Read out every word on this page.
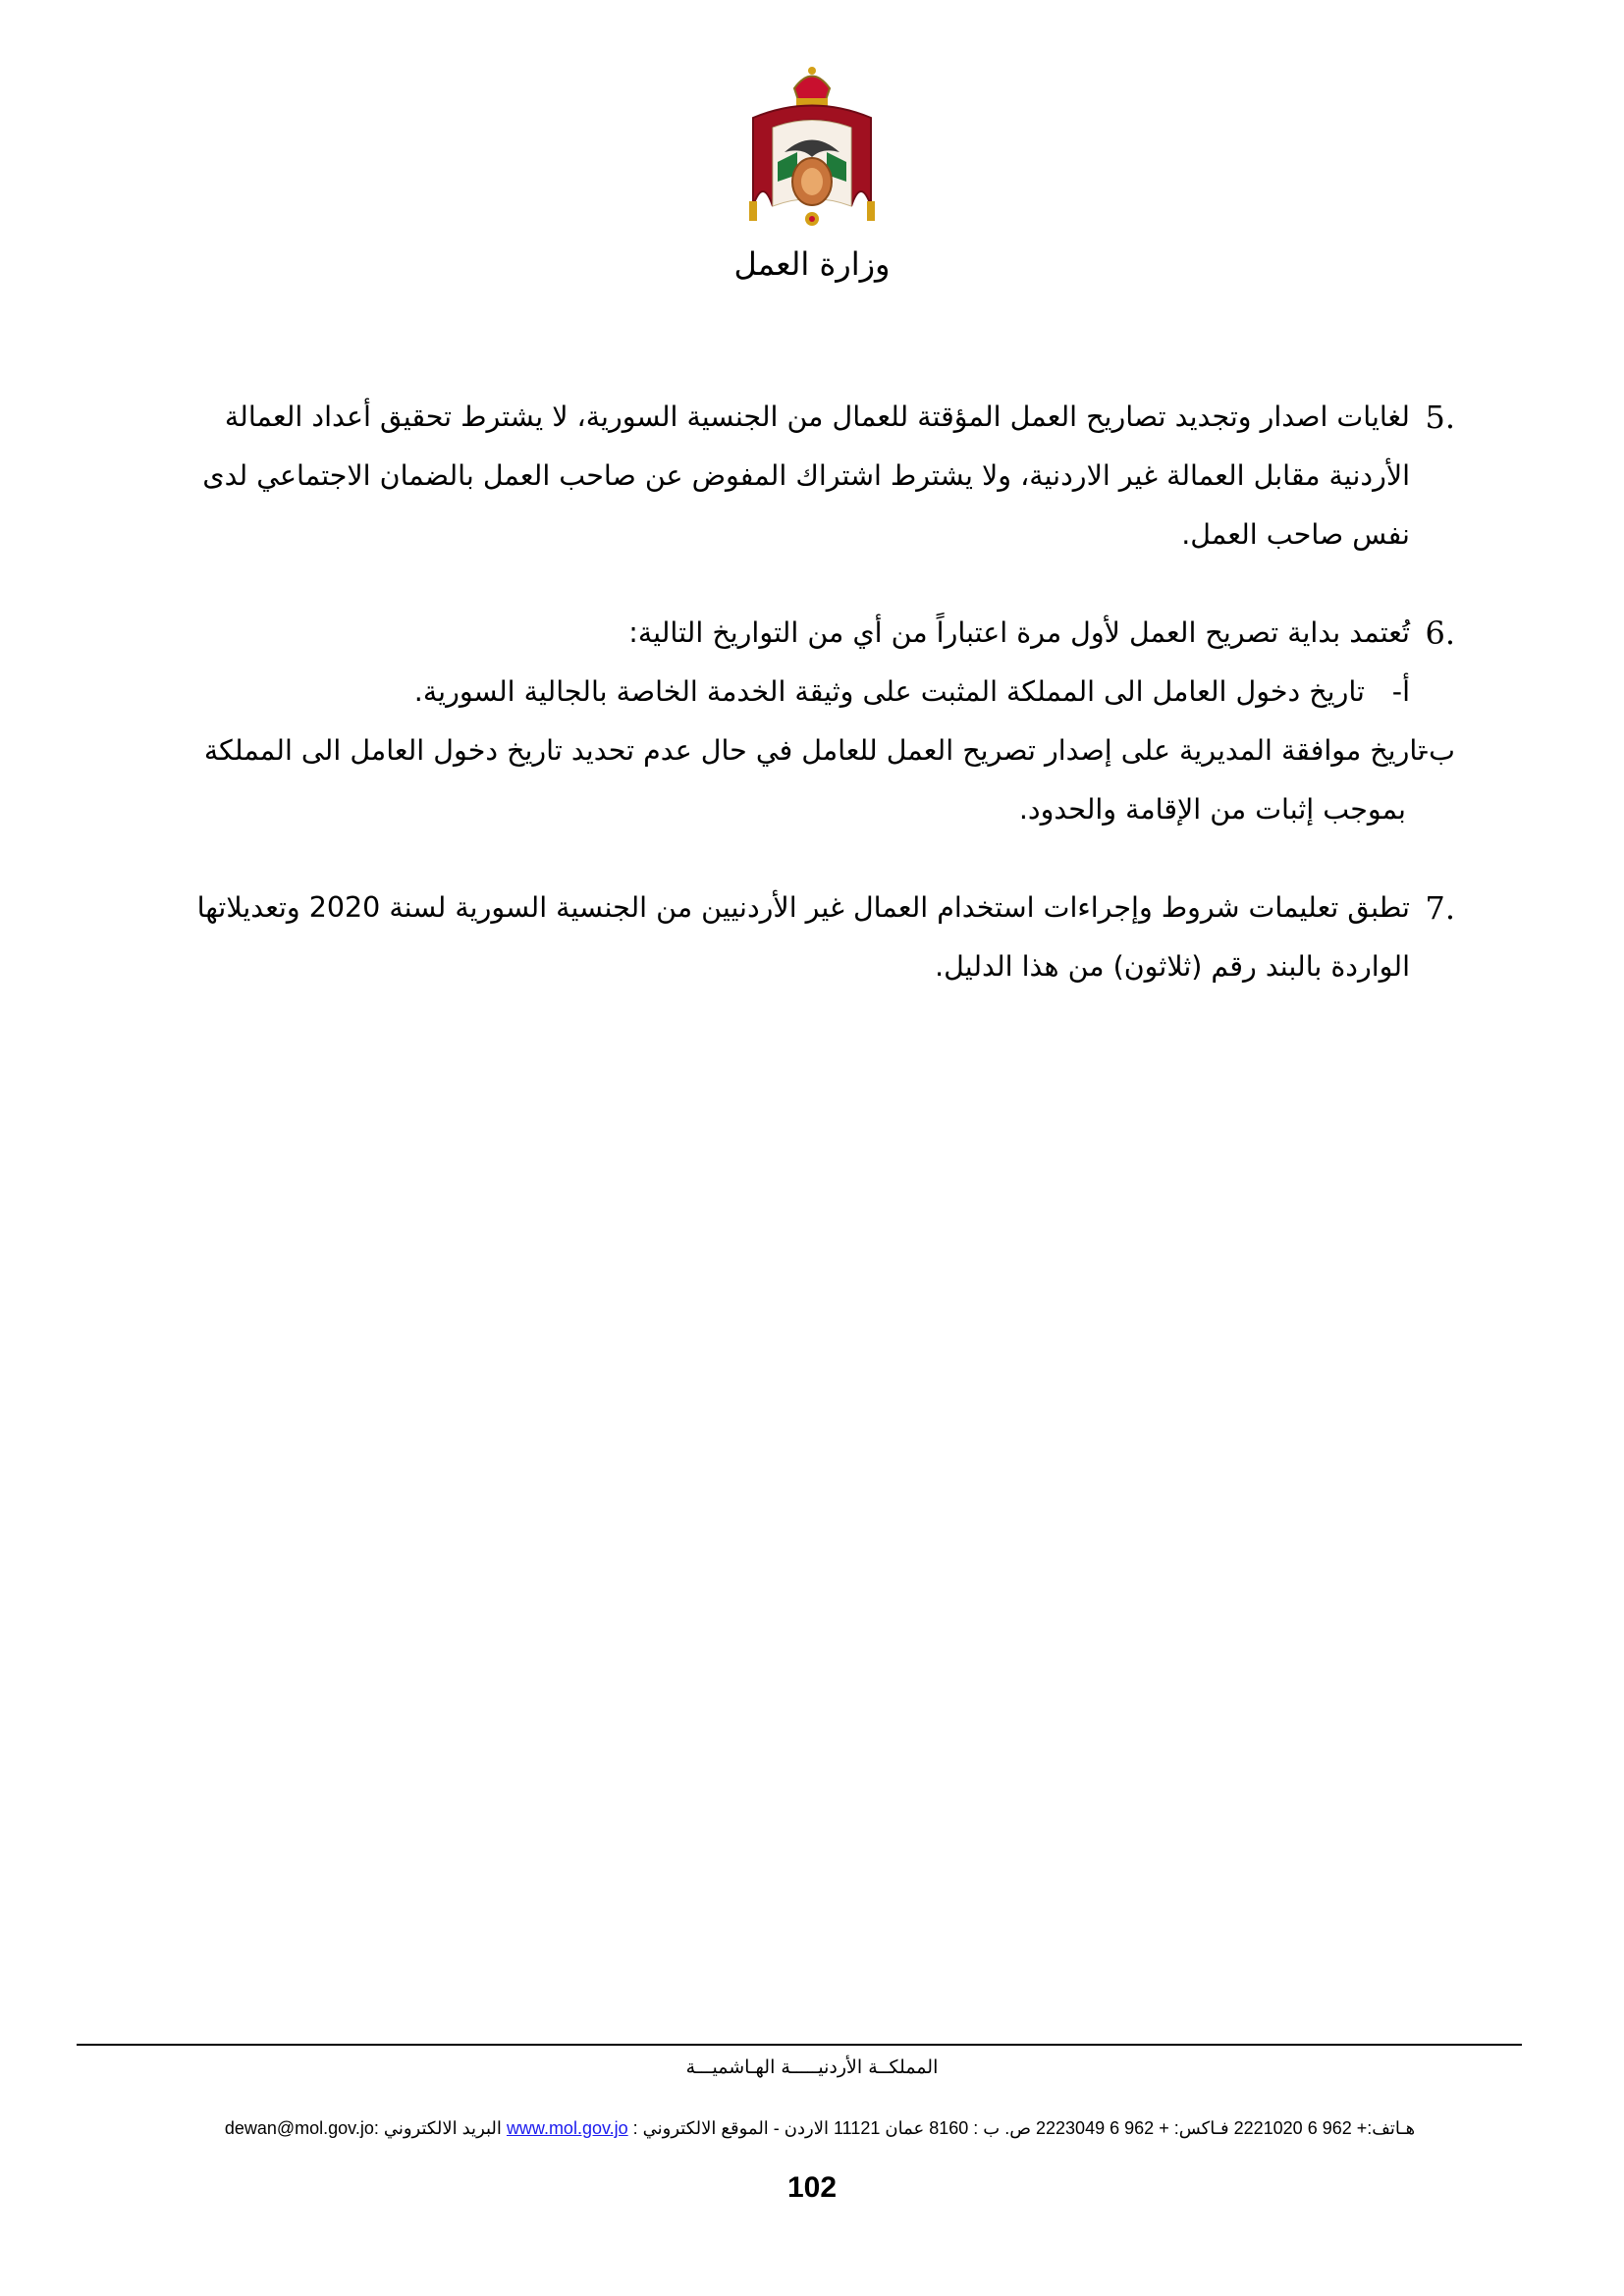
وزارة العمل
.5

لغايات اصدار وتجديد تصاريح العمل المؤقتة للعمال من الجنسية السورية، لا يشترط تحقيق أعداد العمالة

الأردنية مقابل العمالة غير الاردنية، ولا يشترط اشتراك المفوض عن صاحب العمل بالضمان الاجتماعي لدى

نفس صاحب العمل.

.6

تُعتمد بداية تصريح العمل لأول مرة اعتباراً من أي من التواريخ التالية:

أ-
تاريخ دخول العامل الى المملكة المثبت على وثيقة الخدمة الخاصة بالجالية السورية.
ب-

تاريخ موافقة المديرية على إصدار تصريح العمل للعامل في حال عدم تحديد تاريخ دخول العامل الى المملكة

بموجب إثبات من الإقامة والحدود.

.7

تطبق تعليمات شروط وإجراءات استخدام العمال غير الأردنيين من الجنسية السورية لسنة 2020 وتعديلاتها

الواردة بالبند رقم (ثلاثون) من هذا الدليل.

المملكــة الأردنيـــــة الهـاشميـــة
هـاتف:+ 962 6 2221020 فـاكس: + 962 6 2223049 ص. ب : 8160 عمان 11121 الاردن - الموقع الالكتروني : www.mol.gov.jo البريد الالكتروني :dewan@mol.gov.jo
102
